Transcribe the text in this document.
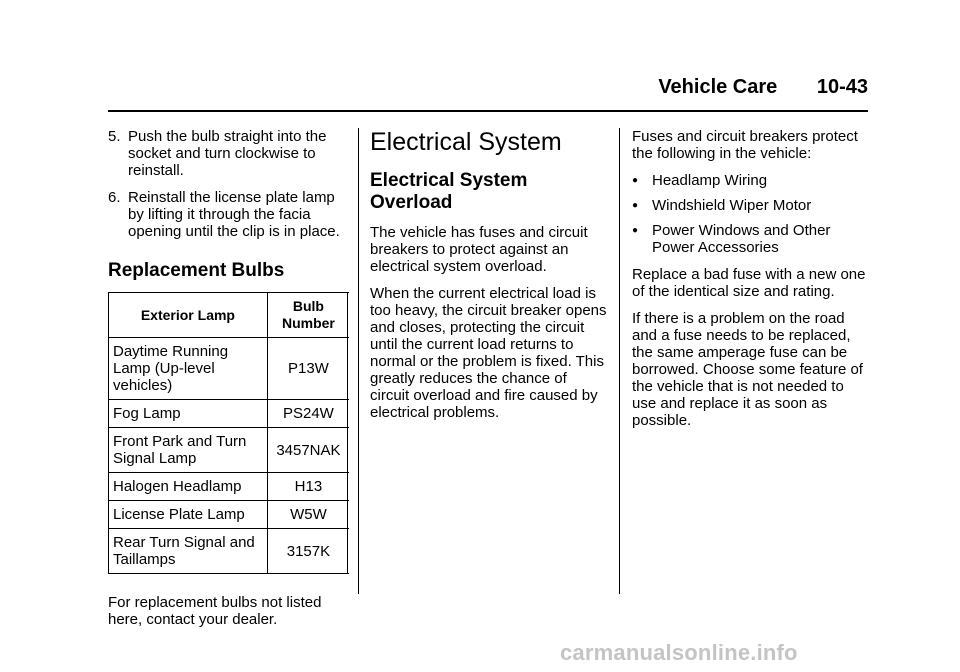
Vehicle Care 10-43
5. Push the bulb straight into the socket and turn clockwise to reinstall.
6. Reinstall the license plate lamp by lifting it through the facia opening until the clip is in place.
Replacement Bulbs
Exterior Lamp	Bulb Number
Daytime Running Lamp (Up-level vehicles)	P13W
Fog Lamp	PS24W
Front Park and Turn Signal Lamp	3457NAK
Halogen Headlamp	H13
License Plate Lamp	W5W
Rear Turn Signal and Taillamps	3157K

For replacement bulbs not listed here, contact your dealer.

Electrical System
Electrical System Overload

The vehicle has fuses and circuit breakers to protect against an electrical system overload.

When the current electrical load is too heavy, the circuit breaker opens and closes, protecting the circuit until the current load returns to normal or the problem is fixed. This greatly reduces the chance of circuit overload and fire caused by electrical problems.

Fuses and circuit breakers protect the following in the vehicle:

● Headlamp Wiring
● Windshield Wiper Motor
● Power Windows and Other Power Accessories

Replace a bad fuse with a new one of the identical size and rating.

If there is a problem on the road and a fuse needs to be replaced, the same amperage fuse can be borrowed. Choose some feature of the vehicle that is not needed to use and replace it as soon as possible.

carmanualsonline.info
